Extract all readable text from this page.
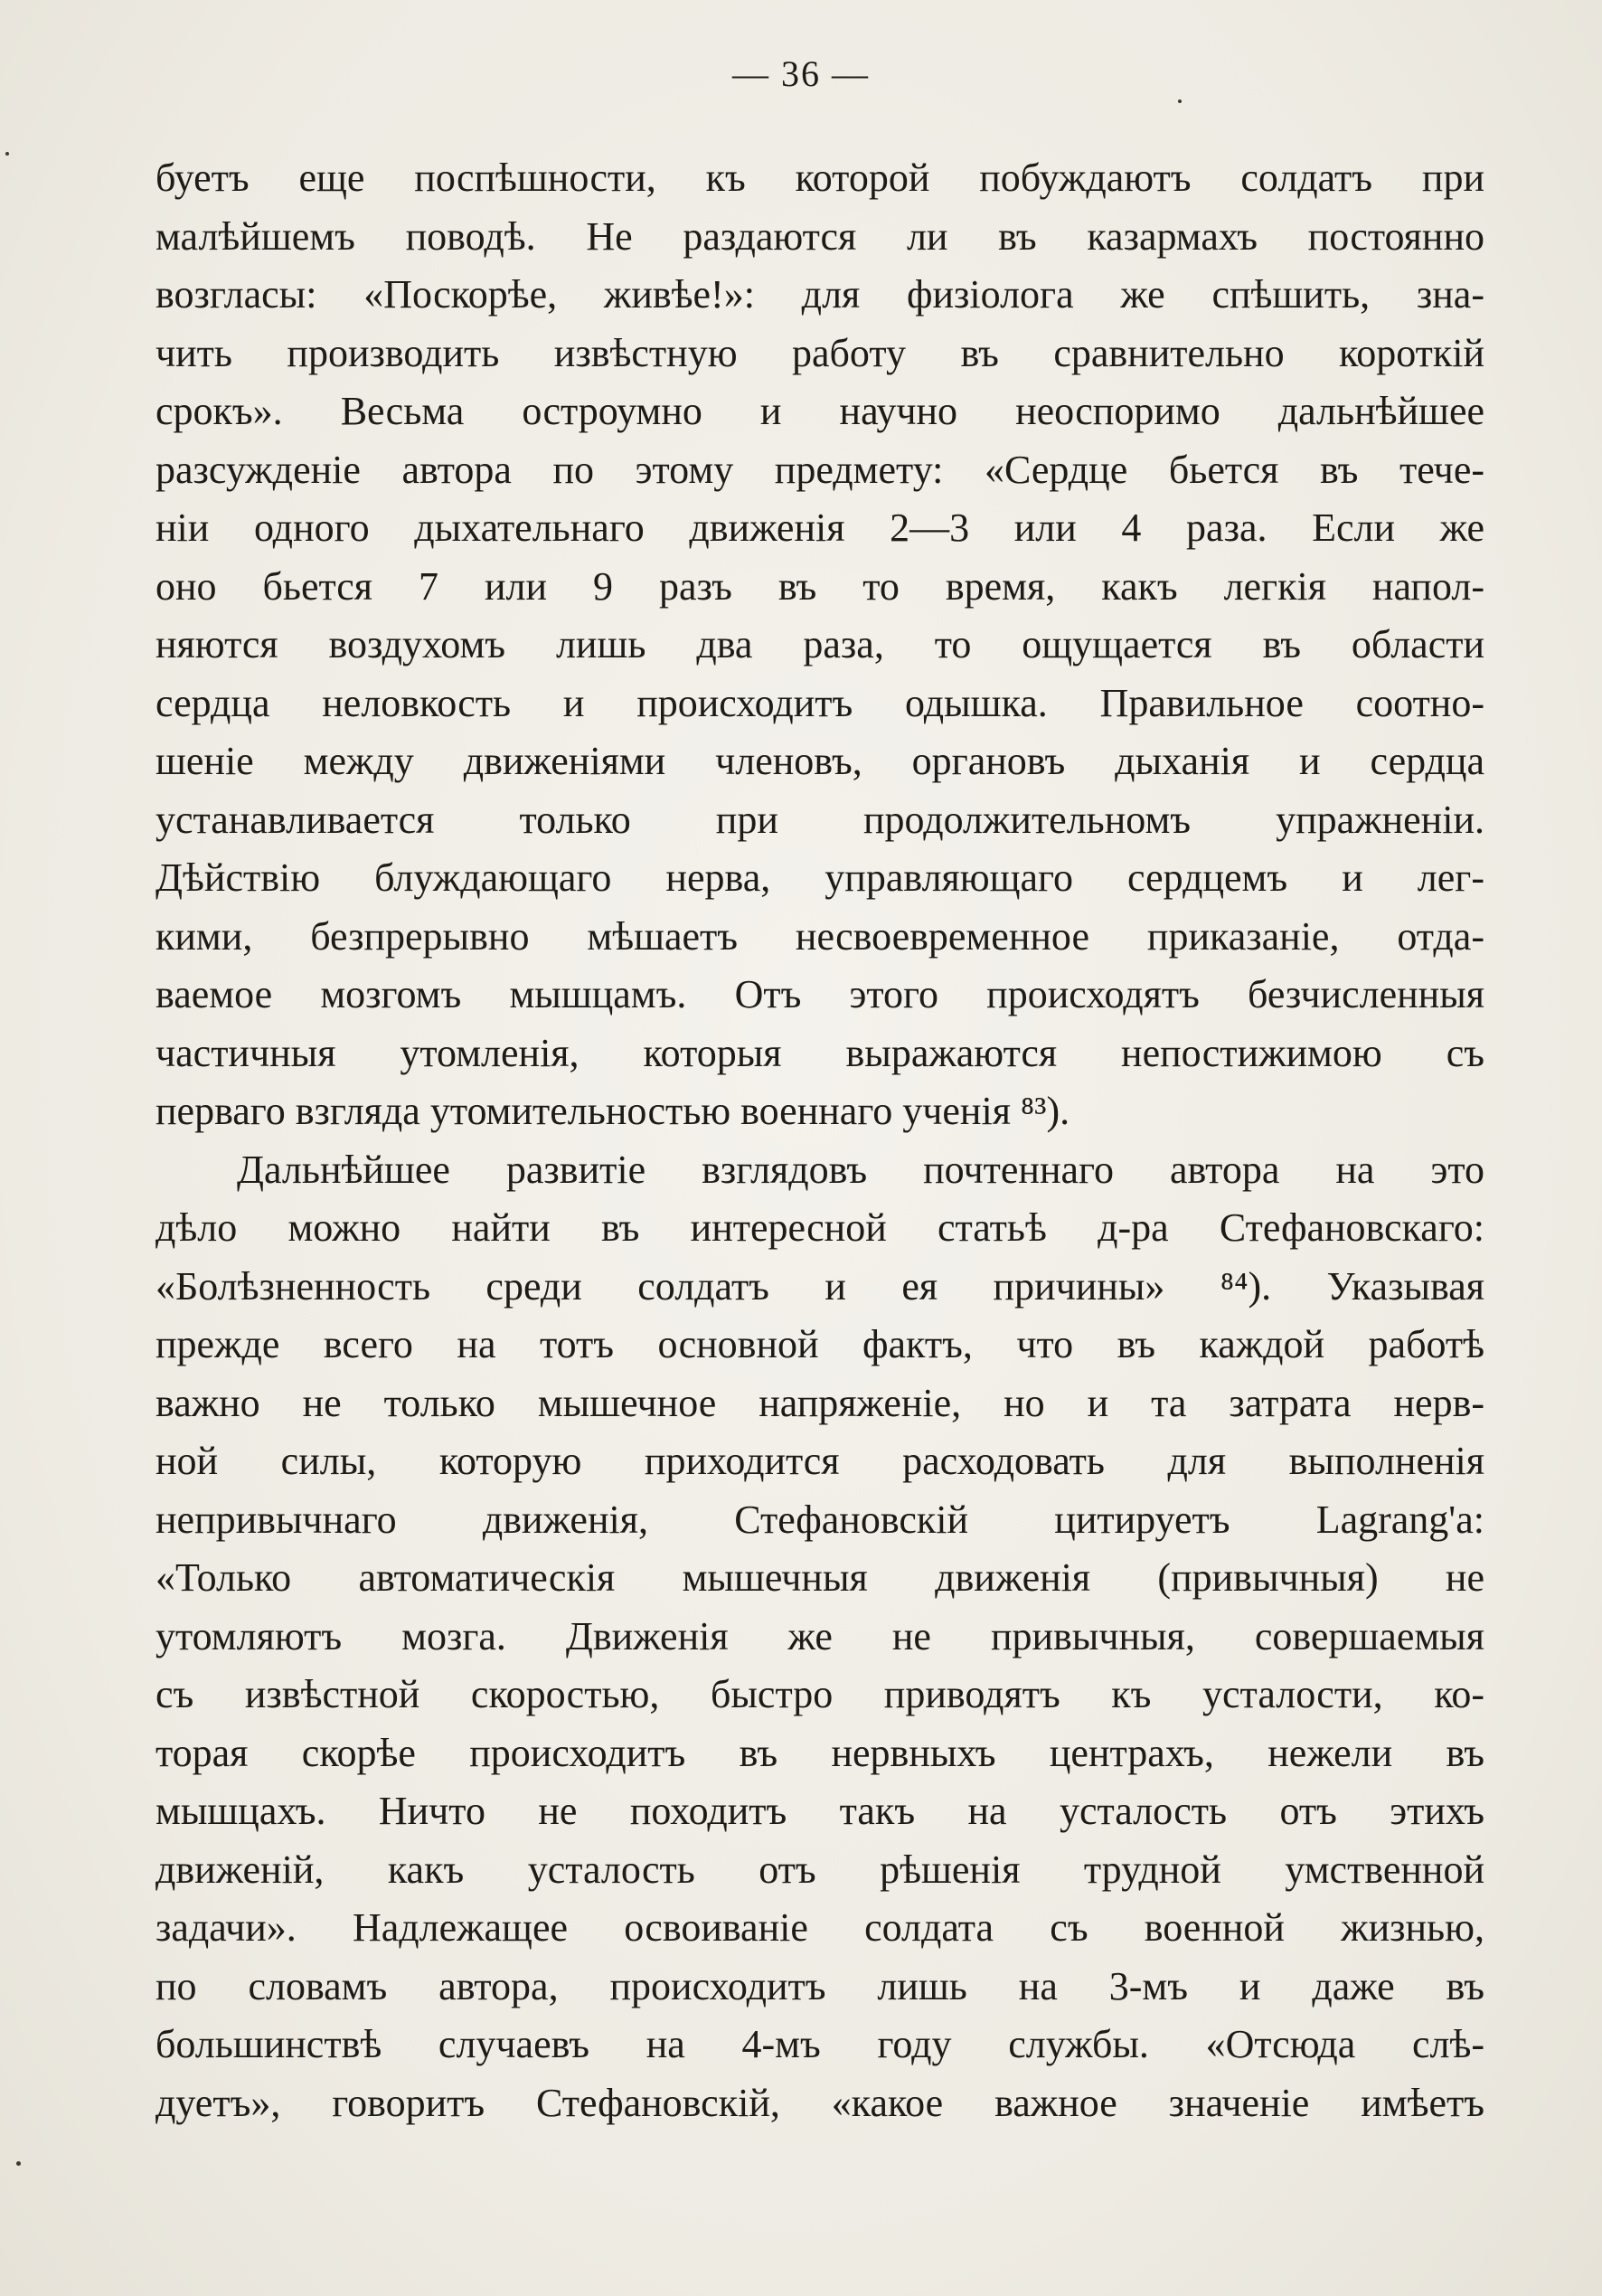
— 36 —
буетъ еще поспѣшности, къ которой побуждаютъ солдатъ при
малѣйшемъ поводѣ. Не раздаются ли въ казармахъ постоянно
возгласы: «Поскорѣе, живѣе!»: для физіолога же спѣшить, зна-
чить производить извѣстную работу въ сравнительно короткій
срокъ». Весьма остроумно и научно неоспоримо дальнѣйшее
разсужденіе автора по этому предмету: «Сердце бьется въ тече-
ніи одного дыхательнаго движенія 2—3 или 4 раза. Если же
оно бьется 7 или 9 разъ въ то время, какъ легкія напол-
няются воздухомъ лишь два раза, то ощущается въ области
сердца неловкость и происходитъ одышка. Правильное соотно-
шеніе между движеніями членовъ, органовъ дыханія и сердца
устанавливается только при продолжительномъ упражненіи.
Дѣйствію блуждающаго нерва, управляющаго сердцемъ и лег-
кими, безпрерывно мѣшаетъ несвоевременное приказаніе, отда-
ваемое мозгомъ мышцамъ. Отъ этого происходятъ безчисленныя
частичныя утомленія, которыя выражаются непостижимою съ
перваго взгляда утомительностью военнаго ученія ⁸³).
Дальнѣйшее развитіе взглядовъ почтеннаго автора на это
дѣло можно найти въ интересной статьѣ д-ра Стефановскаго:
«Болѣзненность среди солдатъ и ея причины» ⁸⁴). Указывая
прежде всего на тотъ основной фактъ, что въ каждой работѣ
важно не только мышечное напряженіе, но и та затрата нерв-
ной силы, которую приходится расходовать для выполненія
непривычнаго движенія, Стефановскій цитируетъ Lagrang'a:
«Только автоматическія мышечныя движенія (привычныя) не
утомляютъ мозга. Движенія же не привычныя, совершаемыя
съ извѣстной скоростью, быстро приводятъ къ усталости, ко-
торая скорѣе происходитъ въ нервныхъ центрахъ, нежели въ
мышцахъ. Ничто не походитъ такъ на усталость отъ этихъ
движеній, какъ усталость отъ рѣшенія трудной умственной
задачи». Надлежащее освоиваніе солдата съ военной жизнью,
по словамъ автора, происходитъ лишь на 3-мъ и даже въ
большинствѣ случаевъ на 4-мъ году службы. «Отсюда слѣ-
дуетъ», говоритъ Стефановскій, «какое важное значеніе имѣетъ
